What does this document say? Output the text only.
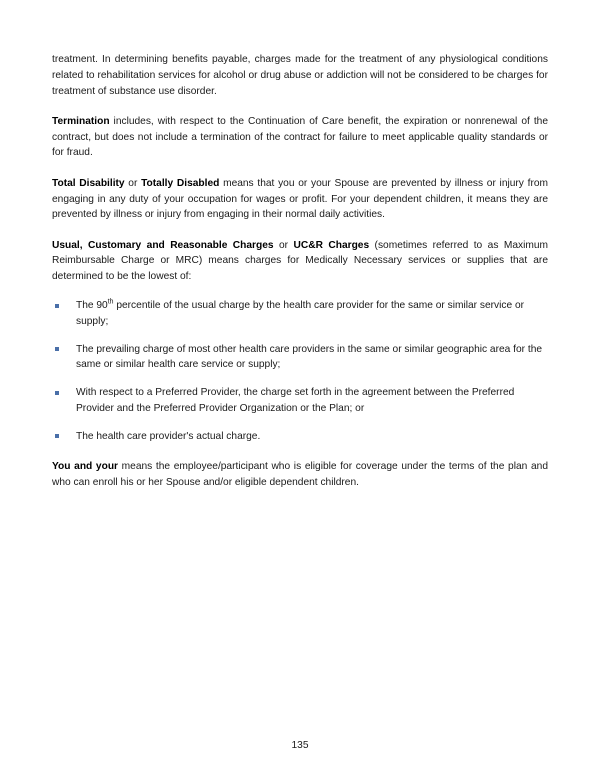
treatment. In determining benefits payable, charges made for the treatment of any physiological conditions related to rehabilitation services for alcohol or drug abuse or addiction will not be considered to be charges for treatment of substance use disorder.

Termination includes, with respect to the Continuation of Care benefit, the expiration or nonrenewal of the contract, but does not include a termination of the contract for failure to meet applicable quality standards or for fraud.

Total Disability or Totally Disabled means that you or your Spouse are prevented by illness or injury from engaging in any duty of your occupation for wages or profit. For your dependent children, it means they are prevented by illness or injury from engaging in their normal daily activities.

Usual, Customary and Reasonable Charges or UC&R Charges (sometimes referred to as Maximum Reimbursable Charge or MRC) means charges for Medically Necessary services or supplies that are determined to be the lowest of:

The 90th percentile of the usual charge by the health care provider for the same or similar service or supply;
The prevailing charge of most other health care providers in the same or similar geographic area for the same or similar health care service or supply;
With respect to a Preferred Provider, the charge set forth in the agreement between the Preferred Provider and the Preferred Provider Organization or the Plan; or
The health care provider's actual charge.

You and your means the employee/participant who is eligible for coverage under the terms of the plan and who can enroll his or her Spouse and/or eligible dependent children.

135
